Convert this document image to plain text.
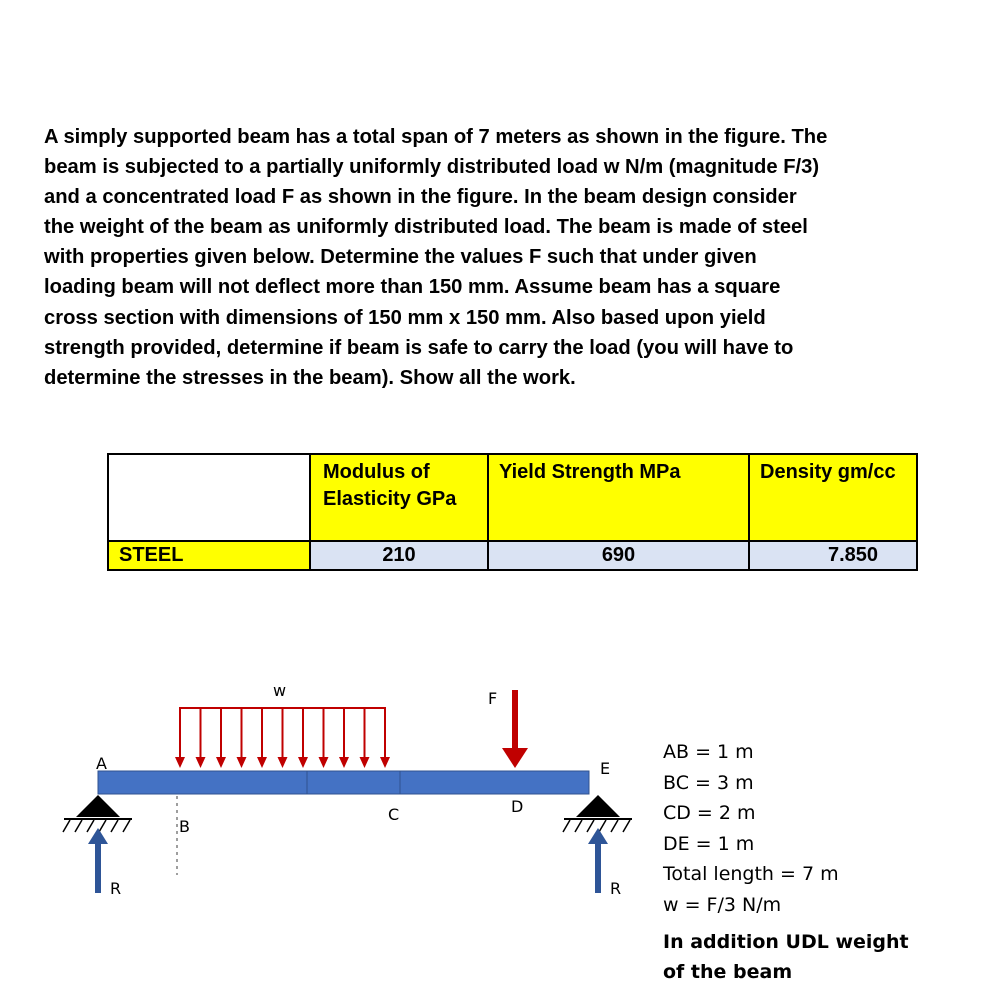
A simply supported beam has a total span of 7 meters as shown in the figure. The
beam is subjected to a partially uniformly distributed load w N/m (magnitude F/3)
and a concentrated load F as shown in the figure. In the beam design consider
the weight of the beam as uniformly distributed load. The beam is made of steel
with properties given below. Determine the values F such that under given
loading beam will not deflect more than 150 mm. Assume beam has a square
cross section with dimensions of 150 mm x 150 mm. Also based upon yield
strength provided, determine if beam is safe to carry the load (you will have to
determine the stresses in the beam). Show all the work.

	Modulus of Elasticity GPa	Yield Strength MPa	Density gm/cc

STEEL	210	690	7.850
w	F
A
B
C	D
E
R	R
AB = 1 m
BC = 3 m
CD = 2 m
DE = 1 m
Total length = 7 m
w = F/3 N/m
In addition UDL weight of the beam
